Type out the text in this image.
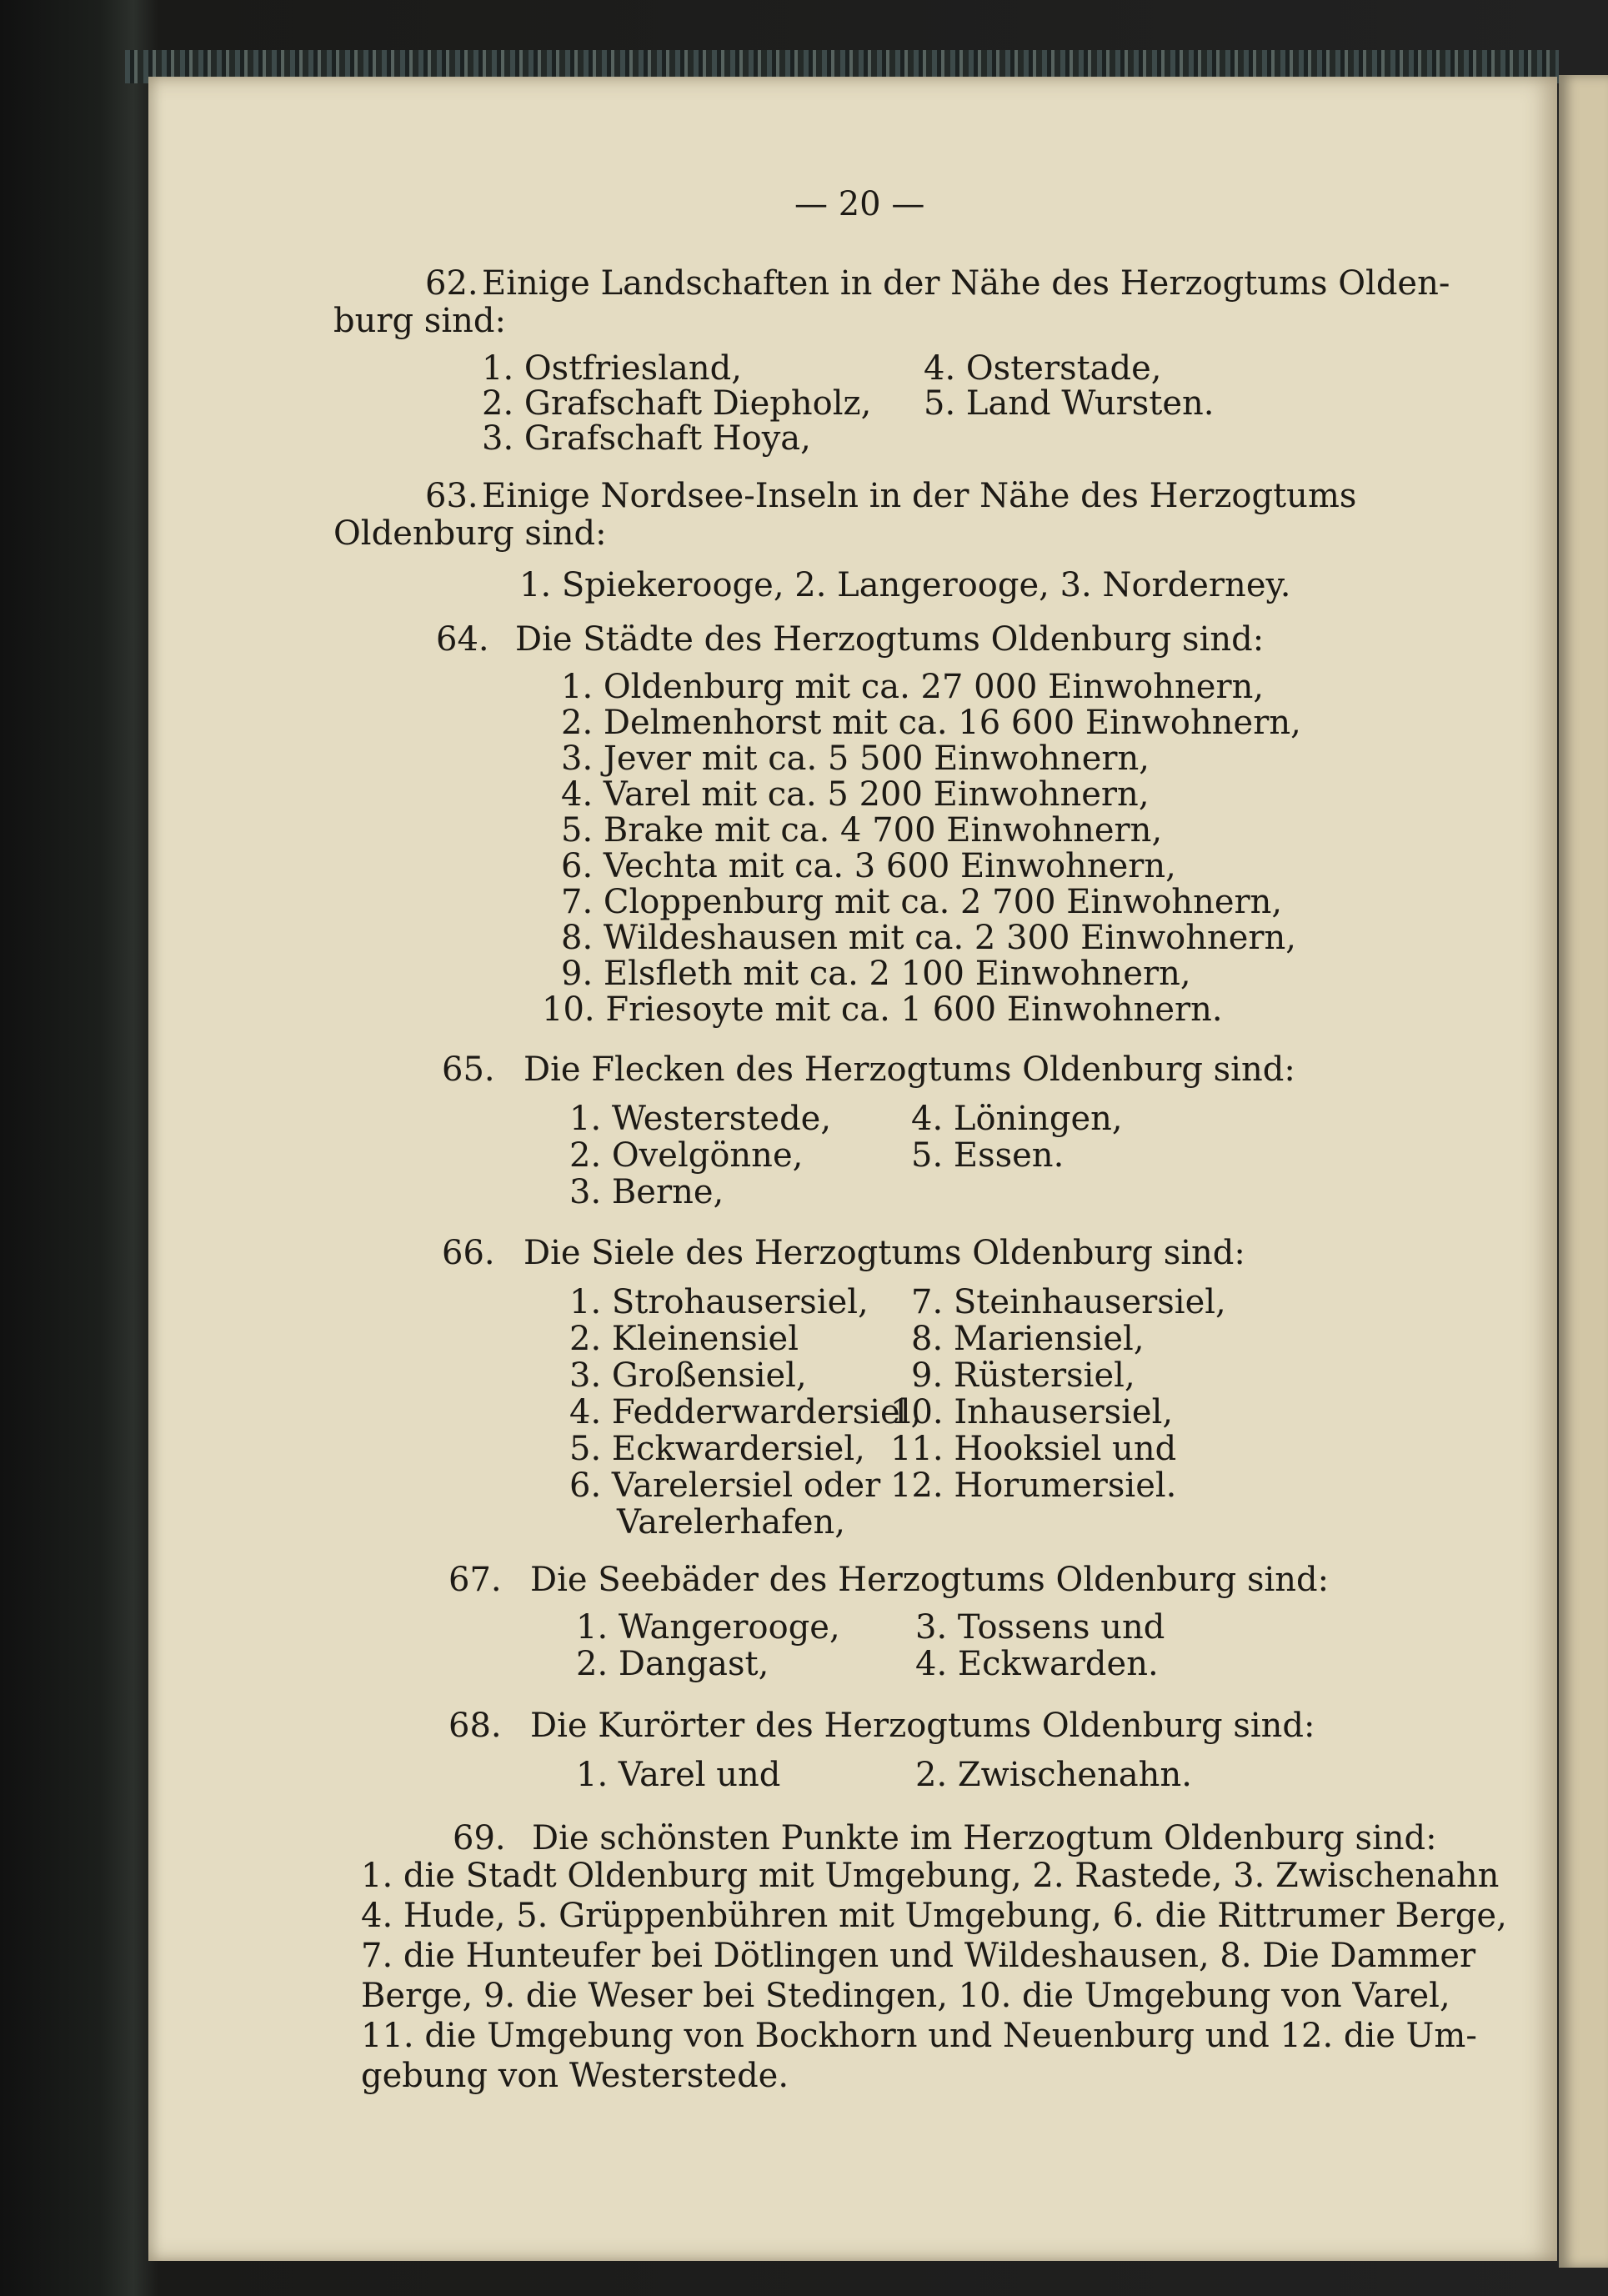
— 20 —
62. Einige Landschaften in der Nähe des Herzogtums Olden-
burg sind:
1. Ostfriesland,
2. Grafschaft Diepholz,
3. Grafschaft Hoya,
4. Osterstade,
5. Land Wursten.
63. Einige Nordsee-Inseln in der Nähe des Herzogtums
Oldenburg sind:
1. Spiekerooge, 2. Langerooge, 3. Norderney.
64. Die Städte des Herzogtums Oldenburg sind:
1. Oldenburg mit ca. 27 000 Einwohnern,
2. Delmenhorst mit ca. 16 600 Einwohnern,
3. Jever mit ca. 5 500 Einwohnern,
4. Varel mit ca. 5 200 Einwohnern,
5. Brake mit ca. 4 700 Einwohnern,
6. Vechta mit ca. 3 600 Einwohnern,
7. Cloppenburg mit ca. 2 700 Einwohnern,
8. Wildeshausen mit ca. 2 300 Einwohnern,
9. Elsfleth mit ca. 2 100 Einwohnern,
10. Friesoyte mit ca. 1 600 Einwohnern.
65. Die Flecken des Herzogtums Oldenburg sind:
1. Westerstede,
2. Ovelgönne,
3. Berne,
4. Löningen,
5. Essen.
66. Die Siele des Herzogtums Oldenburg sind:
1. Strohausersiel,
2. Kleinensiel
3. Großensiel,
4. Fedderwardersiel,
5. Eckwardersiel,
6. Varelersiel oder
Varelerhafen,
7. Steinhausersiel,
8. Mariensiel,
9. Rüstersiel,
10. Inhausersiel,
11. Hooksiel und
12. Horumersiel.
67. Die Seebäder des Herzogtums Oldenburg sind:
1. Wangerooge,
2. Dangast,
3. Tossens und
4. Eckwarden.
68. Die Kurörter des Herzogtums Oldenburg sind:
1. Varel und	2. Zwischenahn.
69. Die schönsten Punkte im Herzogtum Oldenburg sind:
1. die Stadt Oldenburg mit Umgebung, 2. Rastede, 3. Zwischenahn
4. Hude, 5. Grüppenbühren mit Umgebung, 6. die Rittrumer Berge,
7. die Hunteufer bei Dötlingen und Wildeshausen, 8. Die Dammer
Berge, 9. die Weser bei Stedingen, 10. die Umgebung von Varel,
11. die Umgebung von Bockhorn und Neuenburg und 12. die Um-
gebung von Westerstede.
